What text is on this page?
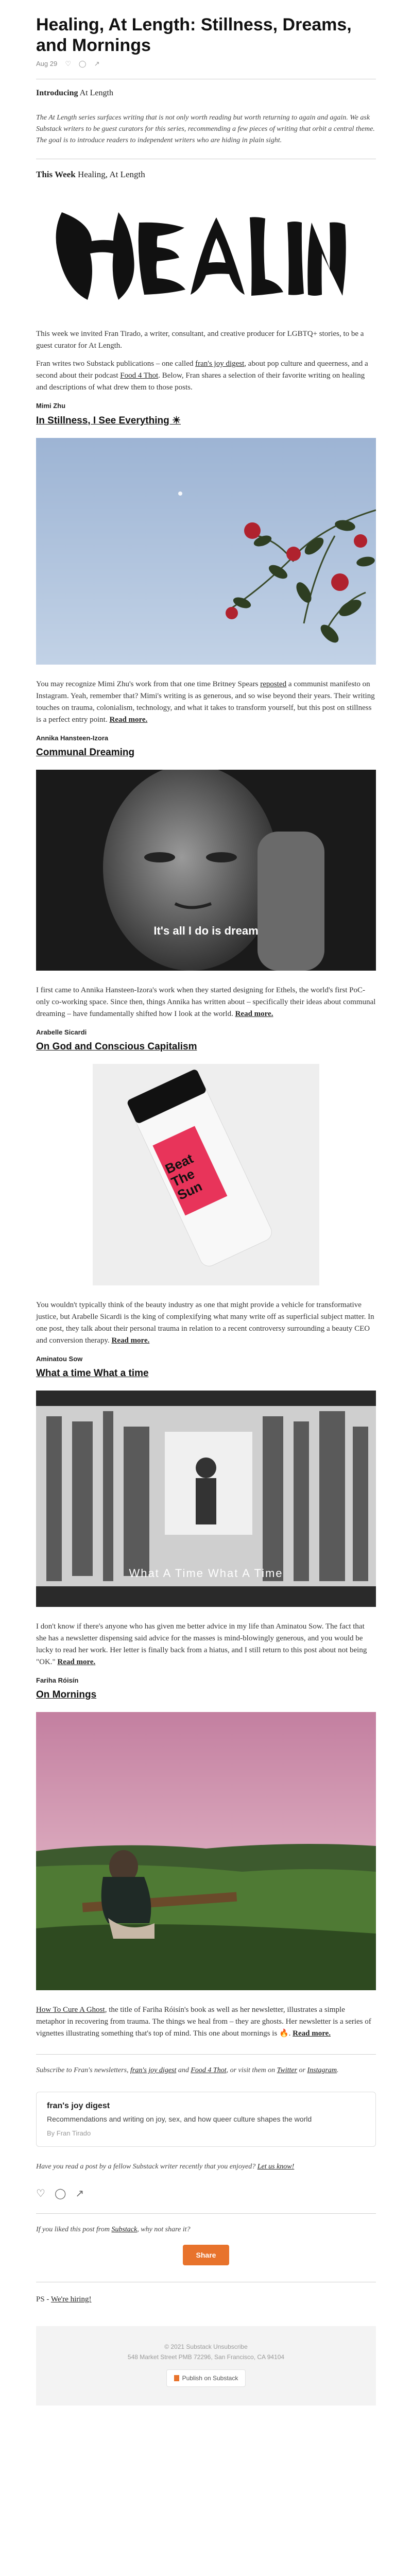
Healing, At Length: Stillness, Dreams, and Mornings
Aug 29 ♡ ◯ ↗
Introducing At Length

The At Length series surfaces writing that is not only worth reading but worth returning to again and again. We ask Substack writers to be guest curators for this series, recommending a few pieces of writing that orbit a central theme. The goal is to introduce readers to independent writers who are hiding in plain sight.

This Week Healing, At Length

This week we invited Fran Tirado, a writer, consultant, and creative producer for LGBTQ+ stories, to be a guest curator for At Length.

Fran writes two Substack publications – one called fran's joy digest, about pop culture and queerness, and a second about their podcast Food 4 Thot. Below, Fran shares a selection of their favorite writing on healing and descriptions of what drew them to those posts.

Mimi Zhu
In Stillness, I See Everything ☀

You may recognize Mimi Zhu's work from that one time Britney Spears reposted a communist manifesto on Instagram. Yeah, remember that? Mimi's writing is as generous, and so wise beyond their years. Their writing touches on trauma, colonialism, technology, and what it takes to transform yourself, but this post on stillness is a perfect entry point. Read more.

Annika Hansteen-Izora
Communal Dreaming
It's all I do is dream

I first came to Annika Hansteen-Izora's work when they started designing for Ethels, the world's first PoC-only co-working space. Since then, things Annika has written about – specifically their ideas about communal dreaming – have fundamentally shifted how I look at the world. Read more.

Arabelle Sicardi
On God and Conscious Capitalism
Beat The Sun

You wouldn't typically think of the beauty industry as one that might provide a vehicle for transformative justice, but Arabelle Sicardi is the king of complexifying what many write off as superficial subject matter. In one post, they talk about their personal trauma in relation to a recent controversy surrounding a beauty CEO and conversion therapy. Read more.

Aminatou Sow
What a time What a time
What A Time What A Time

I don't know if there's anyone who has given me better advice in my life than Aminatou Sow. The fact that she has a newsletter dispensing said advice for the masses is mind-blowingly generous, and you would be lucky to read her work. Her letter is finally back from a hiatus, and I still return to this post about not being "OK." Read more.

Fariha Róisín
On Mornings

How To Cure A Ghost, the title of Fariha Róisín's book as well as her newsletter, illustrates a simple metaphor in recovering from trauma. The things we heal from – they are ghosts. Her newsletter is a series of vignettes illustrating something that's top of mind. This one about mornings is 🔥. Read more.

Subscribe to Fran's newsletters, fran's joy digest and Food 4 Thot, or visit them on Twitter or Instagram.

fran's joy digest
Recommendations and writing on joy, sex, and how queer culture shapes the world
By Fran Tirado

Have you read a post by a fellow Substack writer recently that you enjoyed? Let us know!

♡ ◯ ↗

If you liked this post from Substack, why not share it?

Share

PS - We're hiring!

© 2021 Substack Unsubscribe
548 Market Street PMB 72296, San Francisco, CA 94104
Publish on Substack
